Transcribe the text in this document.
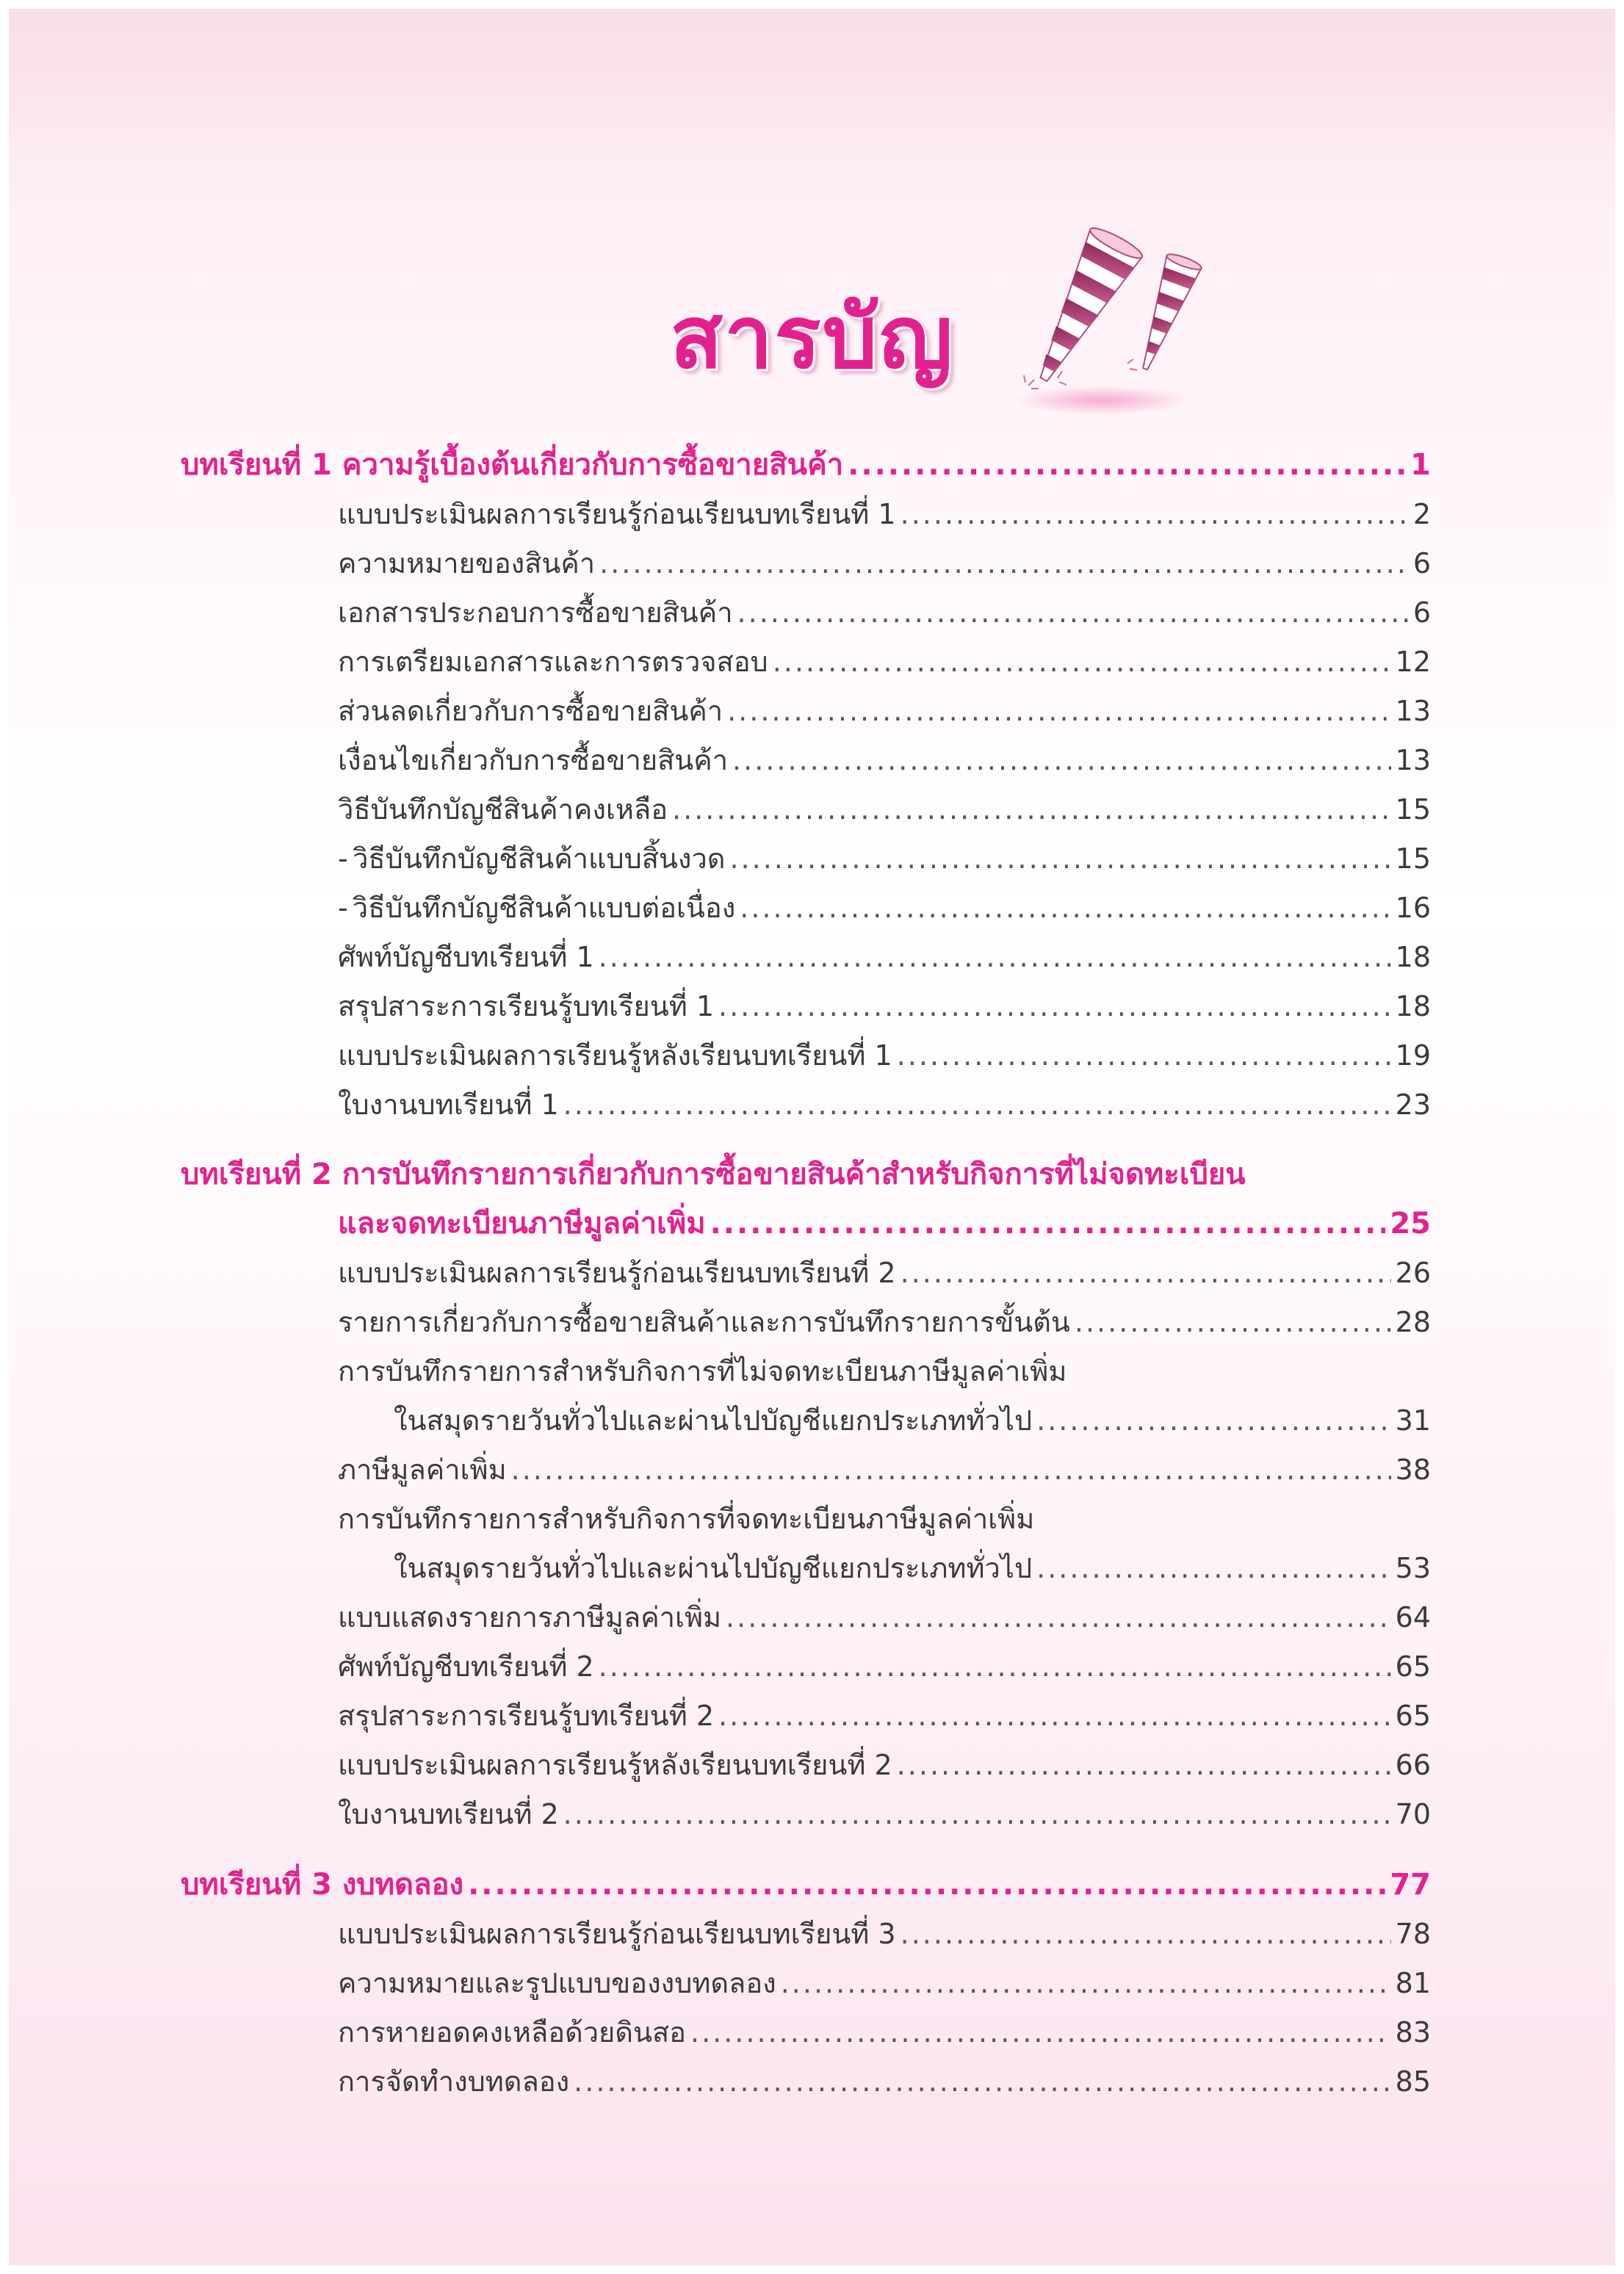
สารบัญ
บทเรียนที่ 1 ความรู้เบื้องต้นเกี่ยวกับการซื้อขายสินค้า .....	1
แบบประเมินผลการเรียนรู้ก่อนเรียนบทเรียนที่ 1 .....	2
ความหมายของสินค้า .....	6
เอกสารประกอบการซื้อขายสินค้า .....	6
การเตรียมเอกสารและการตรวจสอบ .....	12
ส่วนลดเกี่ยวกับการซื้อขายสินค้า .....	13
เงื่อนไขเกี่ยวกับการซื้อขายสินค้า .....	13
วิธีบันทึกบัญชีสินค้าคงเหลือ .....	15
- วิธีบันทึกบัญชีสินค้าแบบสิ้นงวด .....	15
- วิธีบันทึกบัญชีสินค้าแบบต่อเนื่อง .....	16
ศัพท์บัญชีบทเรียนที่ 1 .....	18
สรุปสาระการเรียนรู้บทเรียนที่ 1 .....	18
แบบประเมินผลการเรียนรู้หลังเรียนบทเรียนที่ 1 .....	19
ใบงานบทเรียนที่ 1 .....	23
บทเรียนที่ 2 การบันทึกรายการเกี่ยวกับการซื้อขายสินค้าสำหรับกิจการที่ไม่จดทะเบียน
และจดทะเบียนภาษีมูลค่าเพิ่ม .....	25
แบบประเมินผลการเรียนรู้ก่อนเรียนบทเรียนที่ 2 .....	26
รายการเกี่ยวกับการซื้อขายสินค้าและการบันทึกรายการขั้นต้น .....	28
การบันทึกรายการสำหรับกิจการที่ไม่จดทะเบียนภาษีมูลค่าเพิ่ม
ในสมุดรายวันทั่วไปและผ่านไปบัญชีแยกประเภททั่วไป .....	31
ภาษีมูลค่าเพิ่ม .....	38
การบันทึกรายการสำหรับกิจการที่จดทะเบียนภาษีมูลค่าเพิ่ม
ในสมุดรายวันทั่วไปและผ่านไปบัญชีแยกประเภททั่วไป .....	53
แบบแสดงรายการภาษีมูลค่าเพิ่ม .....	64
ศัพท์บัญชีบทเรียนที่ 2 .....	65
สรุปสาระการเรียนรู้บทเรียนที่ 2 .....	65
แบบประเมินผลการเรียนรู้หลังเรียนบทเรียนที่ 2 .....	66
ใบงานบทเรียนที่ 2 .....	70
บทเรียนที่ 3 งบทดลอง .....	77
แบบประเมินผลการเรียนรู้ก่อนเรียนบทเรียนที่ 3 .....	78
ความหมายและรูปแบบของงบทดลอง .....	81
การหายอดคงเหลือด้วยดินสอ .....	83
การจัดทำงบทดลอง .....	85
